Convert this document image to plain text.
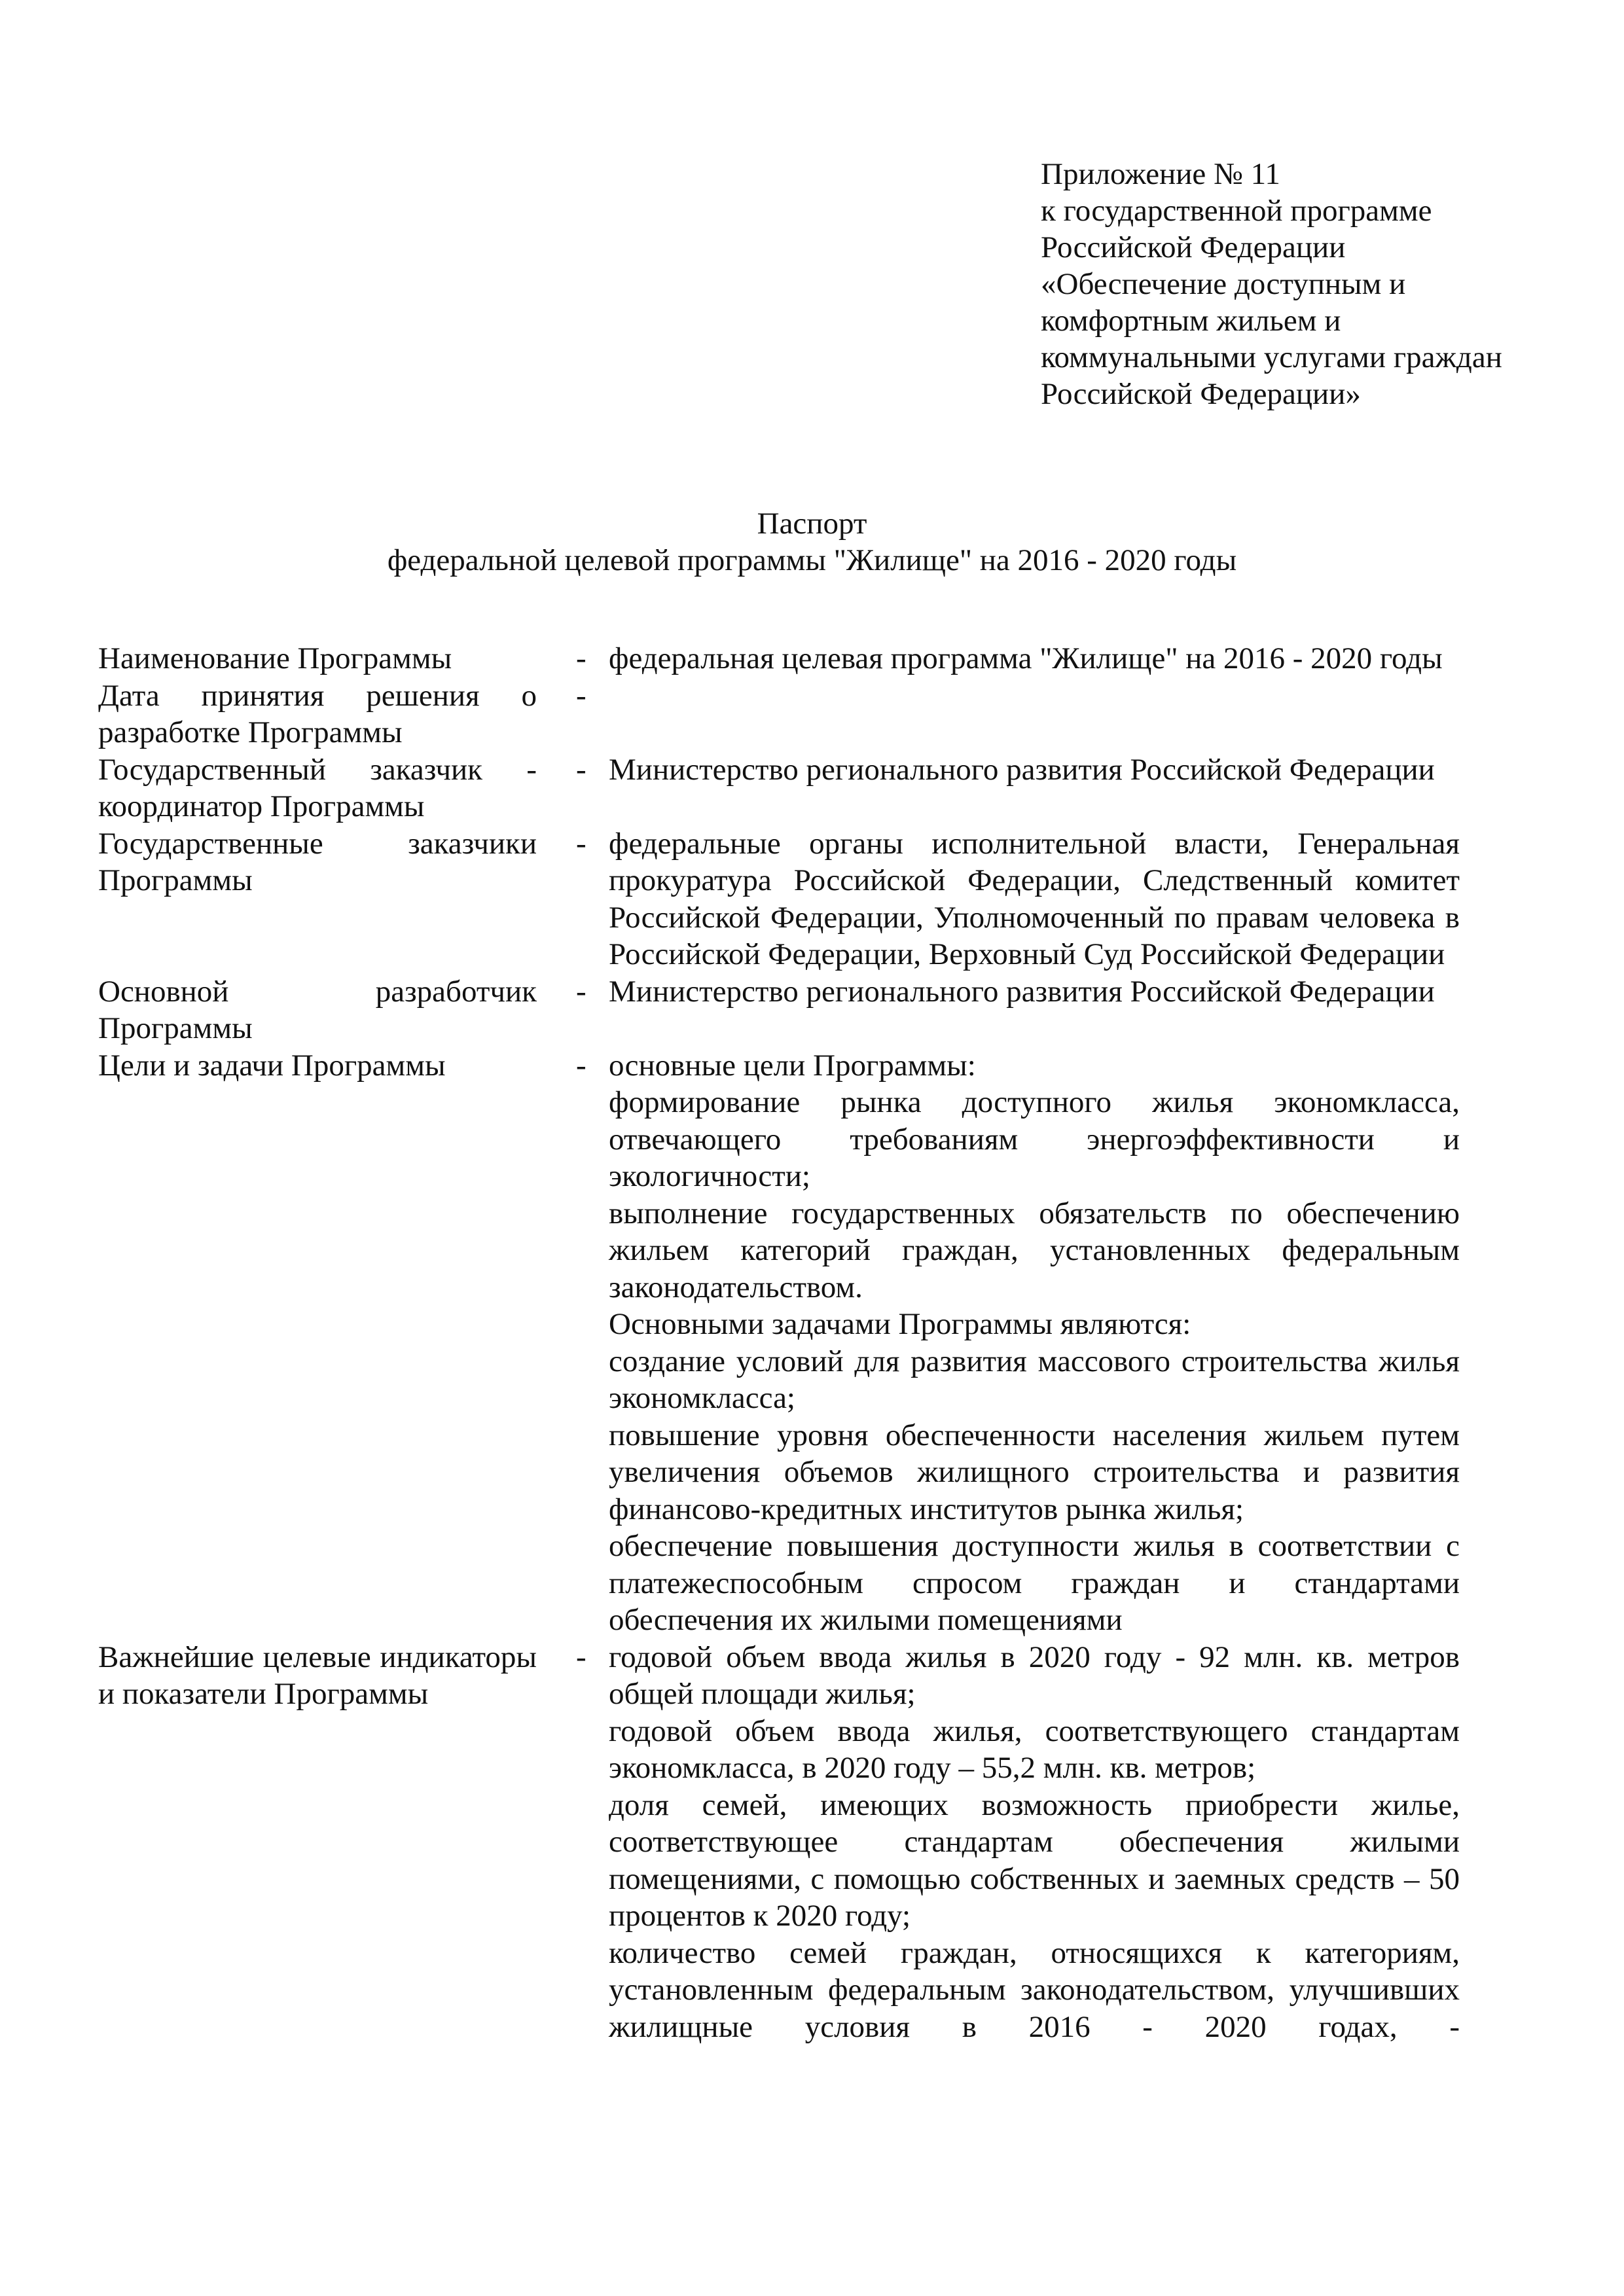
Приложение № 11
к государственной программе
Российской Федерации
«Обеспечение доступным и
комфортным жильем и
коммунальными услугами граждан
Российской Федерации»
Паспорт
федеральной целевой программы "Жилище" на 2016 - 2020 годы
Наименование Программы	- федеральная целевая программа "Жилище" на 2016 - 2020 годы

Дата принятия решения о разработке Программы
-
Государственный заказчик - координатор Программы
- Министерство регионального развития Российской Федерации

Государственные заказчики Программы
- федеральные органы исполнительной власти, Генеральная прокуратура Российской Федерации, Следственный комитет Российской Федерации, Уполномоченный по правам человека в Российской Федерации, Верховный Суд Российской Федерации

Основной разработчик Программы
- Министерство регионального развития Российской Федерации

Цели и задачи Программы	- основные цели Программы:

формирование рынка доступного жилья экономкласса, отвечающего требованиям энергоэффективности и экологичности;

выполнение государственных обязательств по обеспечению жильем категорий граждан, установленных федеральным законодательством.

Основными задачами Программы являются:

создание условий для развития массового строительства жилья экономкласса;

повышение уровня обеспеченности населения жильем путем увеличения объемов жилищного строительства и развития финансово-кредитных институтов рынка жилья;

обеспечение повышения доступности жилья в соответствии с платежеспособным спросом граждан и стандартами обеспечения их жилыми помещениями

Важнейшие целевые индикаторы и показатели Программы
- годовой объем ввода жилья в 2020 году - 92 млн. кв. метров общей площади жилья;

годовой объем ввода жилья, соответствующего стандартам экономкласса, в 2020 году – 55,2 млн. кв. метров;

доля семей, имеющих возможность приобрести жилье, соответствующее стандартам обеспечения жилыми помещениями, с помощью собственных и заемных средств – 50 процентов к 2020 году;

количество семей граждан, относящихся к категориям, установленным федеральным законодательством, улучшивших жилищные условия в 2016 - 2020 годах, -
